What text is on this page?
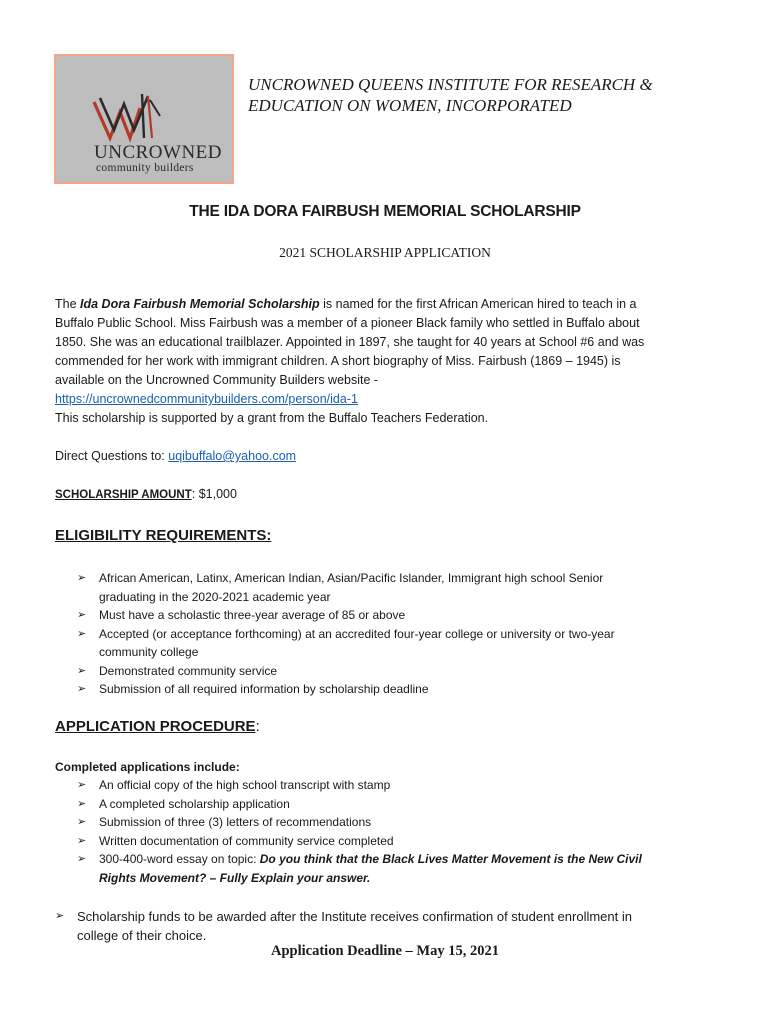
UNCROWNED
community builders
UNCROWNED QUEENS INSTITUTE FOR RESEARCH &
EDUCATION ON WOMEN, INCORPORATED
THE IDA DORA FAIRBUSH MEMORIAL SCHOLARSHIP
2021 SCHOLARSHIP APPLICATION
The Ida Dora Fairbush Memorial Scholarship is named for the first African American hired to teach in a
Buffalo Public School. Miss Fairbush was a member of a pioneer Black family who settled in Buffalo about
1850. She was an educational trailblazer. Appointed in 1897, she taught for 40 years at School #6 and was
commended for her work with immigrant children. A short biography of Miss. Fairbush (1869 – 1945) is
available on the Uncrowned Community Builders website -
https://uncrownedcommunitybuilders.com/person/ida-1
This scholarship is supported by a grant from the Buffalo Teachers Federation.
Direct Questions to: uqibuffalo@yahoo.com
SCHOLARSHIP AMOUNT: $1,000
ELIGIBILITY REQUIREMENTS:
➢ African American, Latinx, American Indian, Asian/Pacific Islander, Immigrant high school Senior
graduating in the 2020-2021 academic year
➢ Must have a scholastic three-year average of 85 or above
➢ Accepted (or acceptance forthcoming) at an accredited four-year college or university or two-year
community college
➢ Demonstrated community service
➢ Submission of all required information by scholarship deadline
APPLICATION PROCEDURE:
Completed applications include:
➢ An official copy of the high school transcript with stamp
➢ A completed scholarship application
➢ Submission of three (3) letters of recommendations
➢ Written documentation of community service completed
➢ 300-400-word essay on topic: Do you think that the Black Lives Matter Movement is the New Civil
Rights Movement? – Fully Explain your answer.
➢ Scholarship funds to be awarded after the Institute receives confirmation of student enrollment in
college of their choice.
Application Deadline – May 15, 2021
